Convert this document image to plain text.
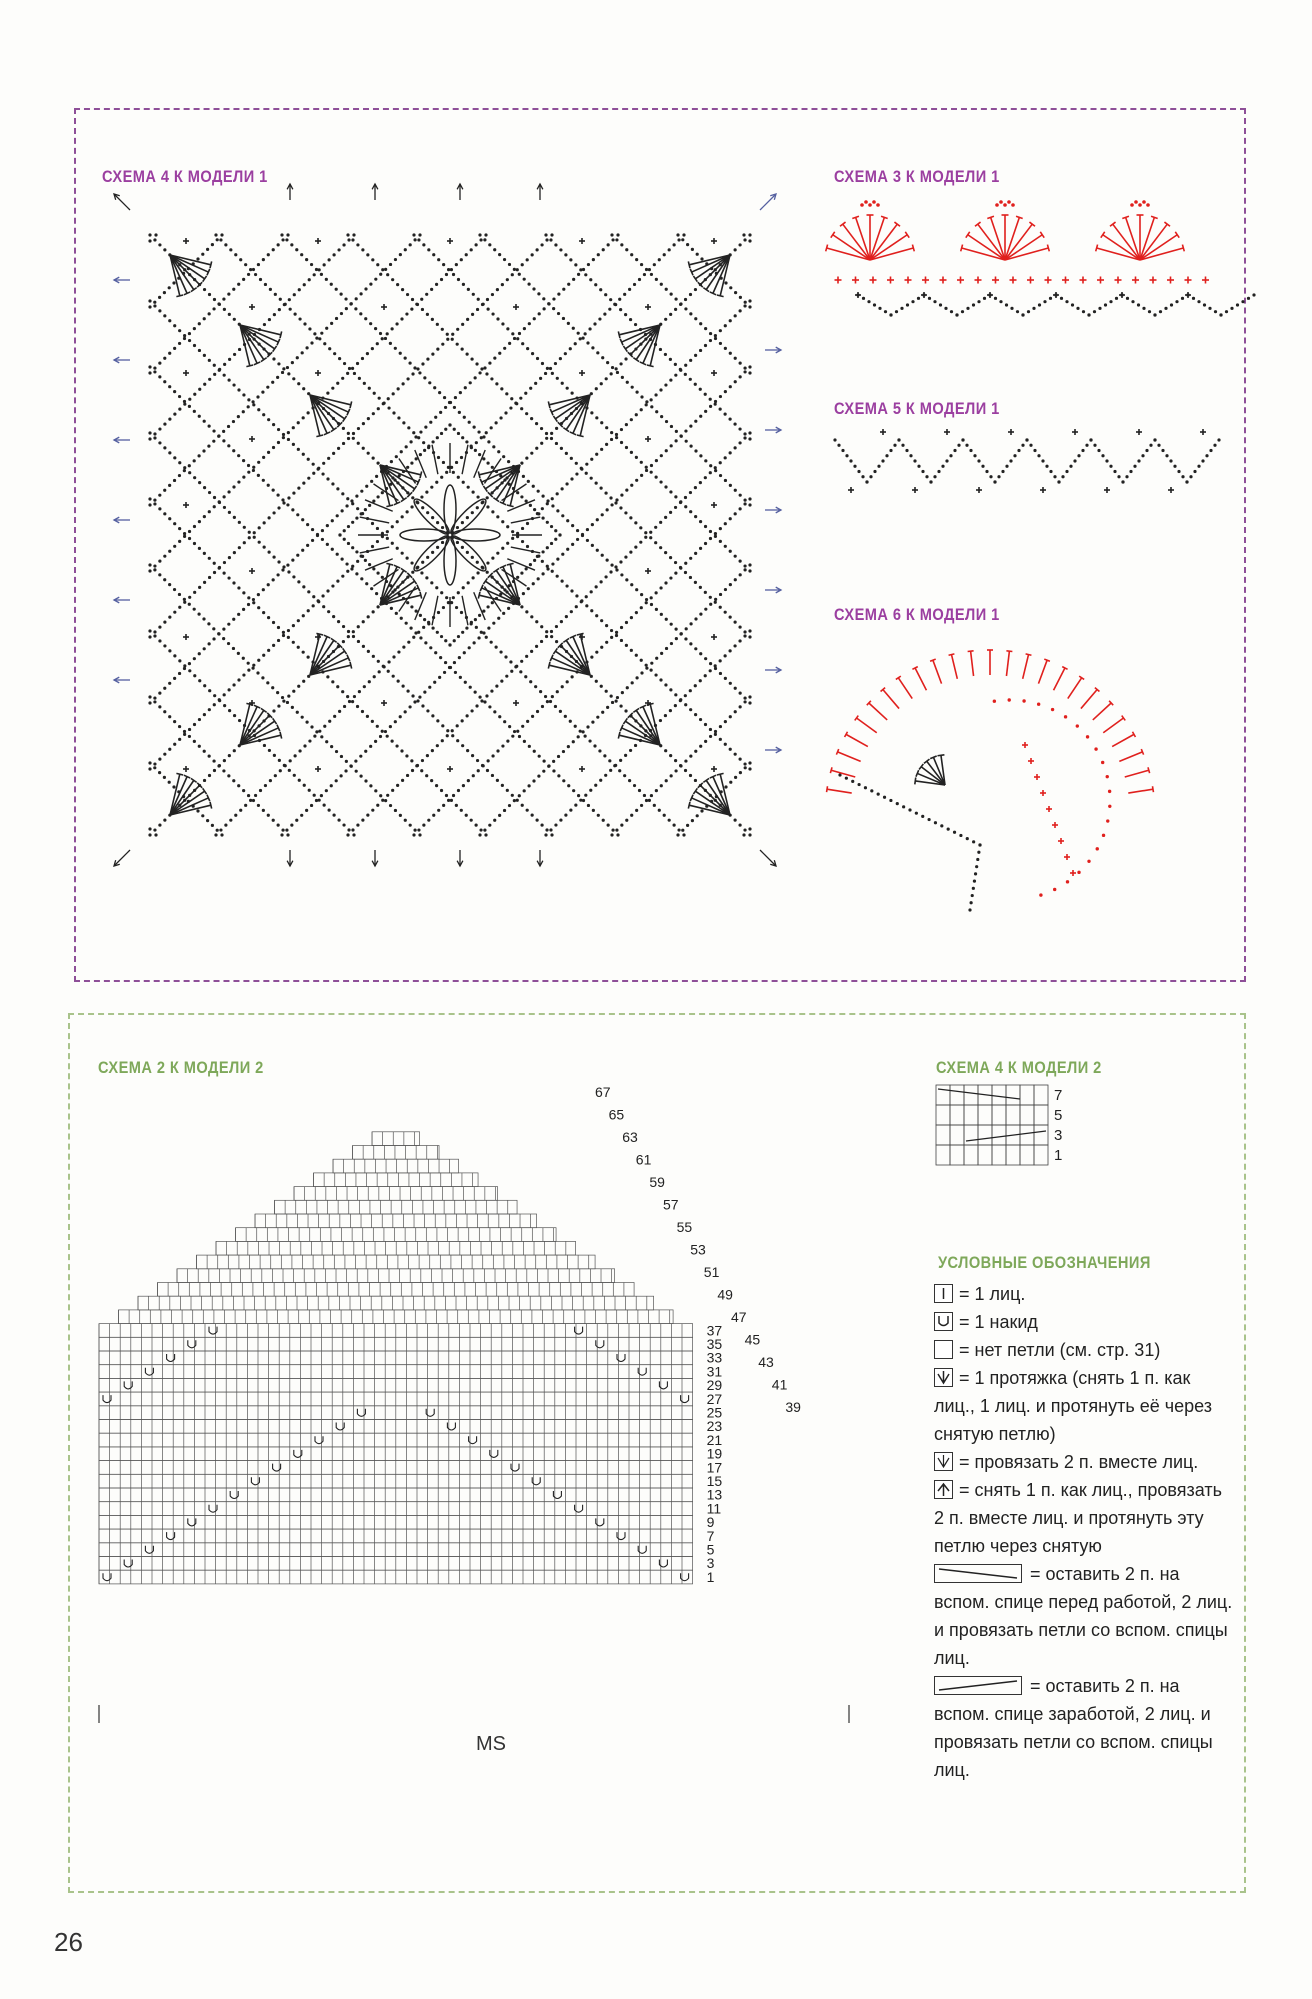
СХЕМА 4 К МОДЕЛИ 1	СХЕМА 3 К МОДЕЛИ 1
СХЕМА 5 К МОДЕЛИ 1
СХЕМА 6 К МОДЕЛИ 1
СХЕМА 2 К МОДЕЛИ 2	СХЕМА 4 К МОДЕЛИ 2
37
35
33
31
29
27
25
23
21
19
17
15
13
11
9
7
5
3
1
67
65
63
61
59
57
55
53
51
49
47
45
43
41
39
MS
7
5
3
1
УСЛОВНЫЕ ОБОЗНАЧЕНИЯ
= 1 лиц.
= 1 накид
= нет петли (см. стр. 31)
= 1 протяжка (снять 1 п. как лиц., 1 лиц. и протянуть её через снятую петлю)
= провязать 2 п. вместе лиц.
= снять 1 п. как лиц., провязать 2 п. вместе лиц. и протянуть эту петлю через снятую
= оставить 2 п. на вспом. спице перед работой, 2 лиц. и провязать петли со вспом. спицы лиц.
= оставить 2 п. на вспом. спице заработой, 2 лиц. и провязать петли со вспом. спицы лиц.
26
